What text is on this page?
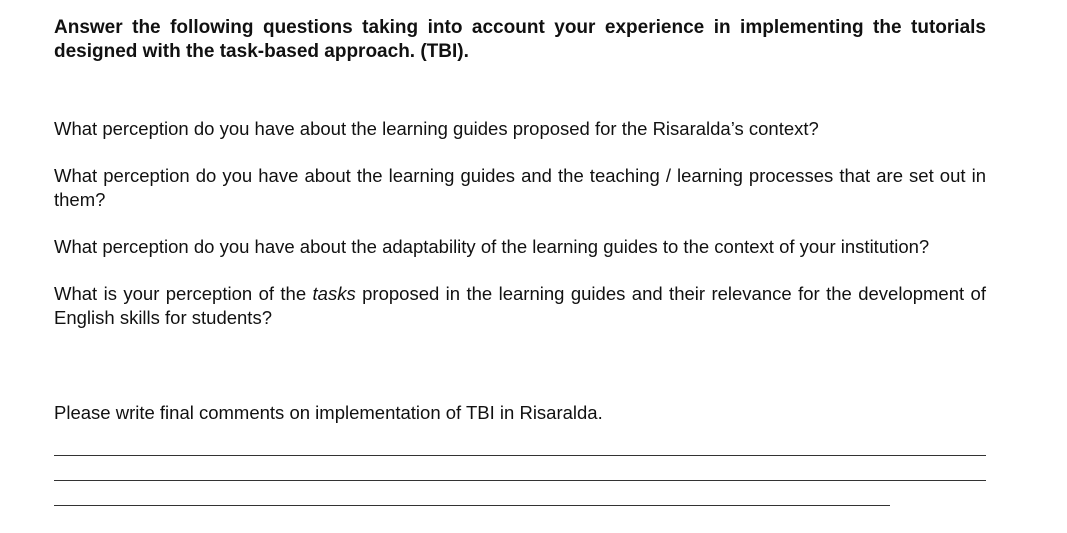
Answer the following questions taking into account your experience in implementing the tutorials designed with the task-based approach. (TBI).

What perception do you have about the learning guides proposed for the Risaralda’s context?

What perception do you have about the learning guides and the teaching / learning processes that are set out in them?

What perception do you have about the adaptability of the learning guides to the context of your institution?

What is your perception of the tasks proposed in the learning guides and their relevance for the development of English skills for students?

Please write final comments on implementation of TBI in Risaralda.
